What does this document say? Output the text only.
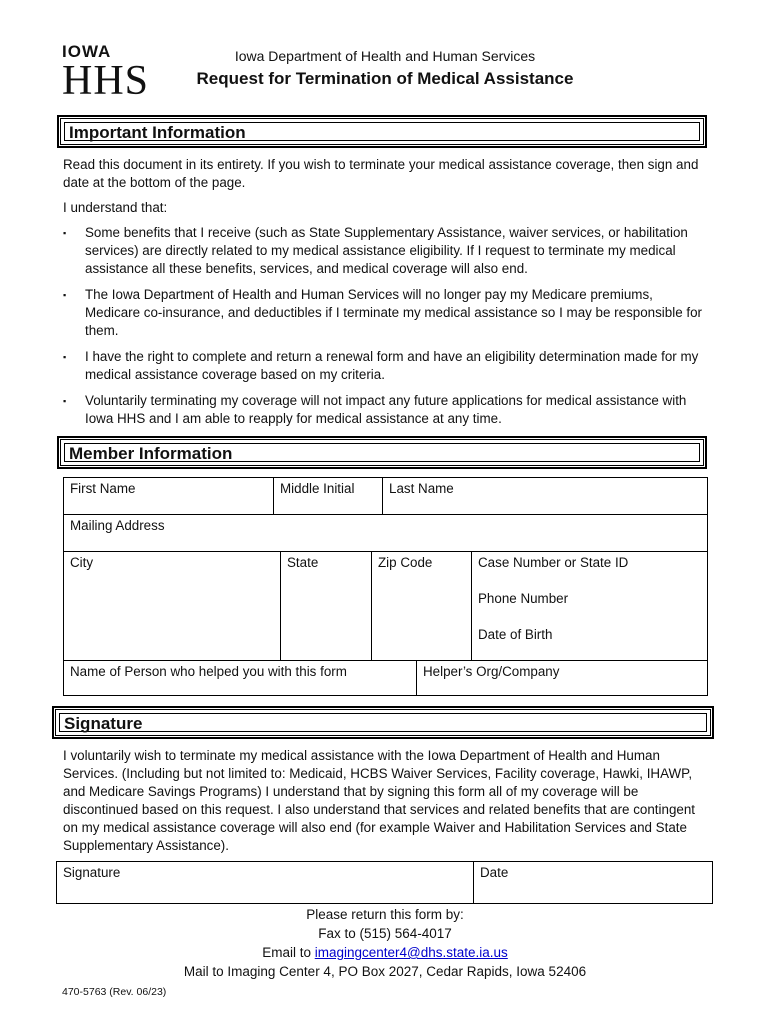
IOWA
HHS
Iowa Department of Health and Human Services
Request for Termination of Medical Assistance
Important Information
Read this document in its entirety. If you wish to terminate your medical assistance coverage, then sign and date at the bottom of the page.
I understand that:
▪ Some benefits that I receive (such as State Supplementary Assistance, waiver services, or habilitation services) are directly related to my medical assistance eligibility. If I request to terminate my medical assistance all these benefits, services, and medical coverage will also end.
▪ The Iowa Department of Health and Human Services will no longer pay my Medicare premiums, Medicare co-insurance, and deductibles if I terminate my medical assistance so I may be responsible for them.
▪ I have the right to complete and return a renewal form and have an eligibility determination made for my medical assistance coverage based on my criteria.
▪ Voluntarily terminating my coverage will not impact any future applications for medical assistance with Iowa HHS and I am able to reapply for medical assistance at any time.
Member Information
First Name	Middle Initial	Last Name
Mailing Address
City	State	Zip Code	Case Number or State ID
Phone Number
Date of Birth
Name of Person who helped you with this form	Helper’s Org/Company
Signature
I voluntarily wish to terminate my medical assistance with the Iowa Department of Health and Human Services. (Including but not limited to: Medicaid, HCBS Waiver Services, Facility coverage, Hawki, IHAWP, and Medicare Savings Programs) I understand that by signing this form all of my coverage will be discontinued based on this request. I also understand that services and related benefits that are contingent on my medical assistance coverage will also end (for example Waiver and Habilitation Services and State Supplementary Assistance).
Signature	Date
Please return this form by:
Fax to (515) 564-4017
Email to imagingcenter4@dhs.state.ia.us
Mail to Imaging Center 4, PO Box 2027, Cedar Rapids, Iowa 52406
470-5763 (Rev. 06/23)
